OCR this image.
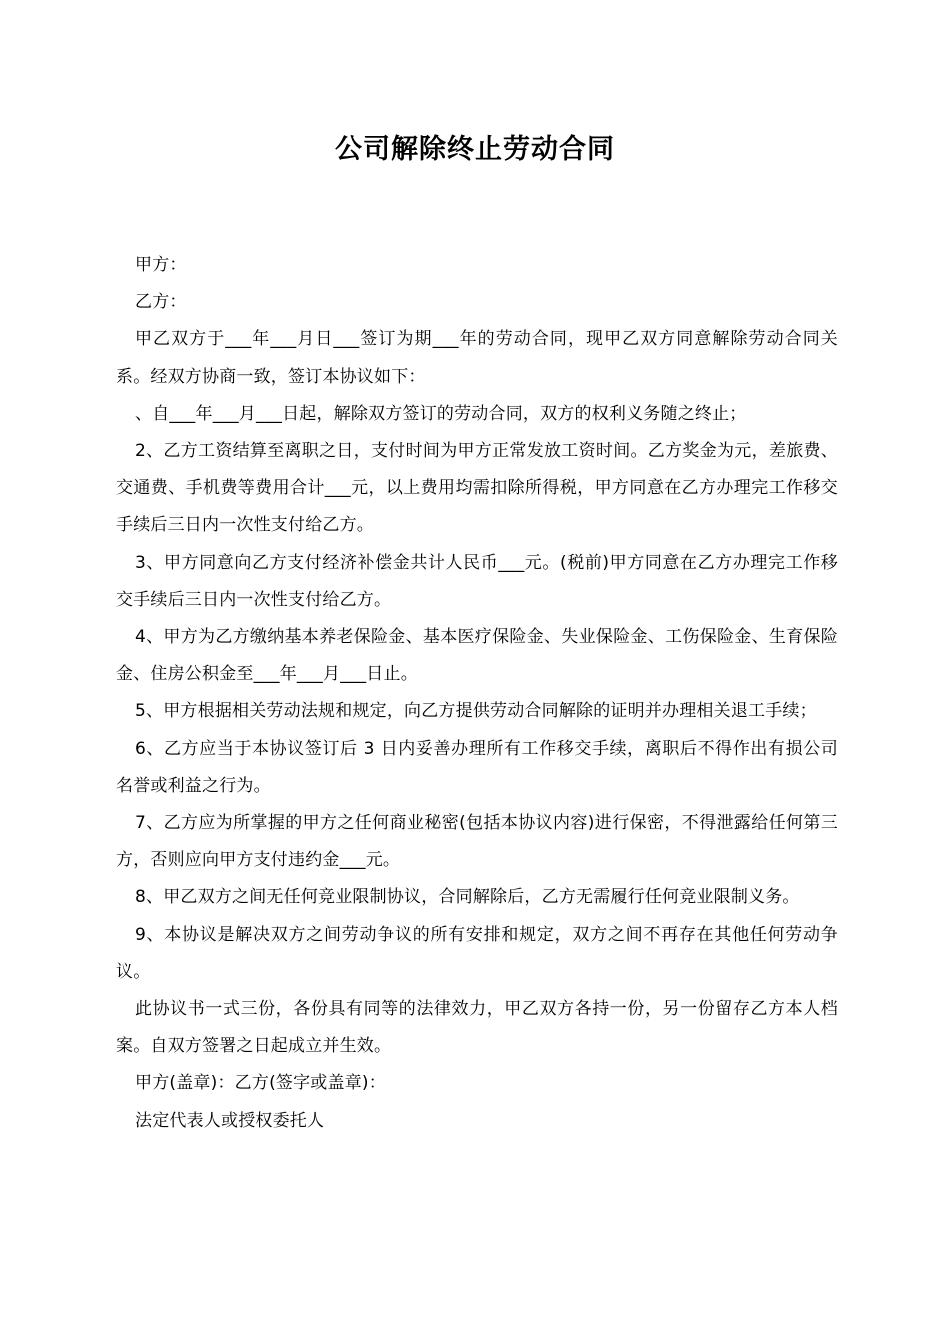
公司解除终止劳动合同

甲方：

乙方：

甲乙双方于___年___月日___签订为期___年的劳动合同，现甲乙双方同意解除劳动合同关系。经双方协商一致，签订本协议如下：

、自___年___月___日起，解除双方签订的劳动合同，双方的权利义务随之终止；

2、乙方工资结算至离职之日，支付时间为甲方正常发放工资时间。乙方奖金为元，差旅费、交通费、手机费等费用合计___元，以上费用均需扣除所得税，甲方同意在乙方办理完工作移交手续后三日内一次性支付给乙方。

3、甲方同意向乙方支付经济补偿金共计人民币___元。(税前)甲方同意在乙方办理完工作移交手续后三日内一次性支付给乙方。

4、甲方为乙方缴纳基本养老保险金、基本医疗保险金、失业保险金、工伤保险金、生育保险金、住房公积金至___年___月___日止。

5、甲方根据相关劳动法规和规定，向乙方提供劳动合同解除的证明并办理相关退工手续；

6、乙方应当于本协议签订后 3 日内妥善办理所有工作移交手续，离职后不得作出有损公司名誉或利益之行为。

7、乙方应为所掌握的甲方之任何商业秘密(包括本协议内容)进行保密，不得泄露给任何第三方，否则应向甲方支付违约金___元。

8、甲乙双方之间无任何竞业限制协议，合同解除后，乙方无需履行任何竞业限制义务。

9、本协议是解决双方之间劳动争议的所有安排和规定，双方之间不再存在其他任何劳动争议。

此协议书一式三份，各份具有同等的法律效力，甲乙双方各持一份，另一份留存乙方本人档案。自双方签署之日起成立并生效。

甲方(盖章)：乙方(签字或盖章)：

法定代表人或授权委托人
